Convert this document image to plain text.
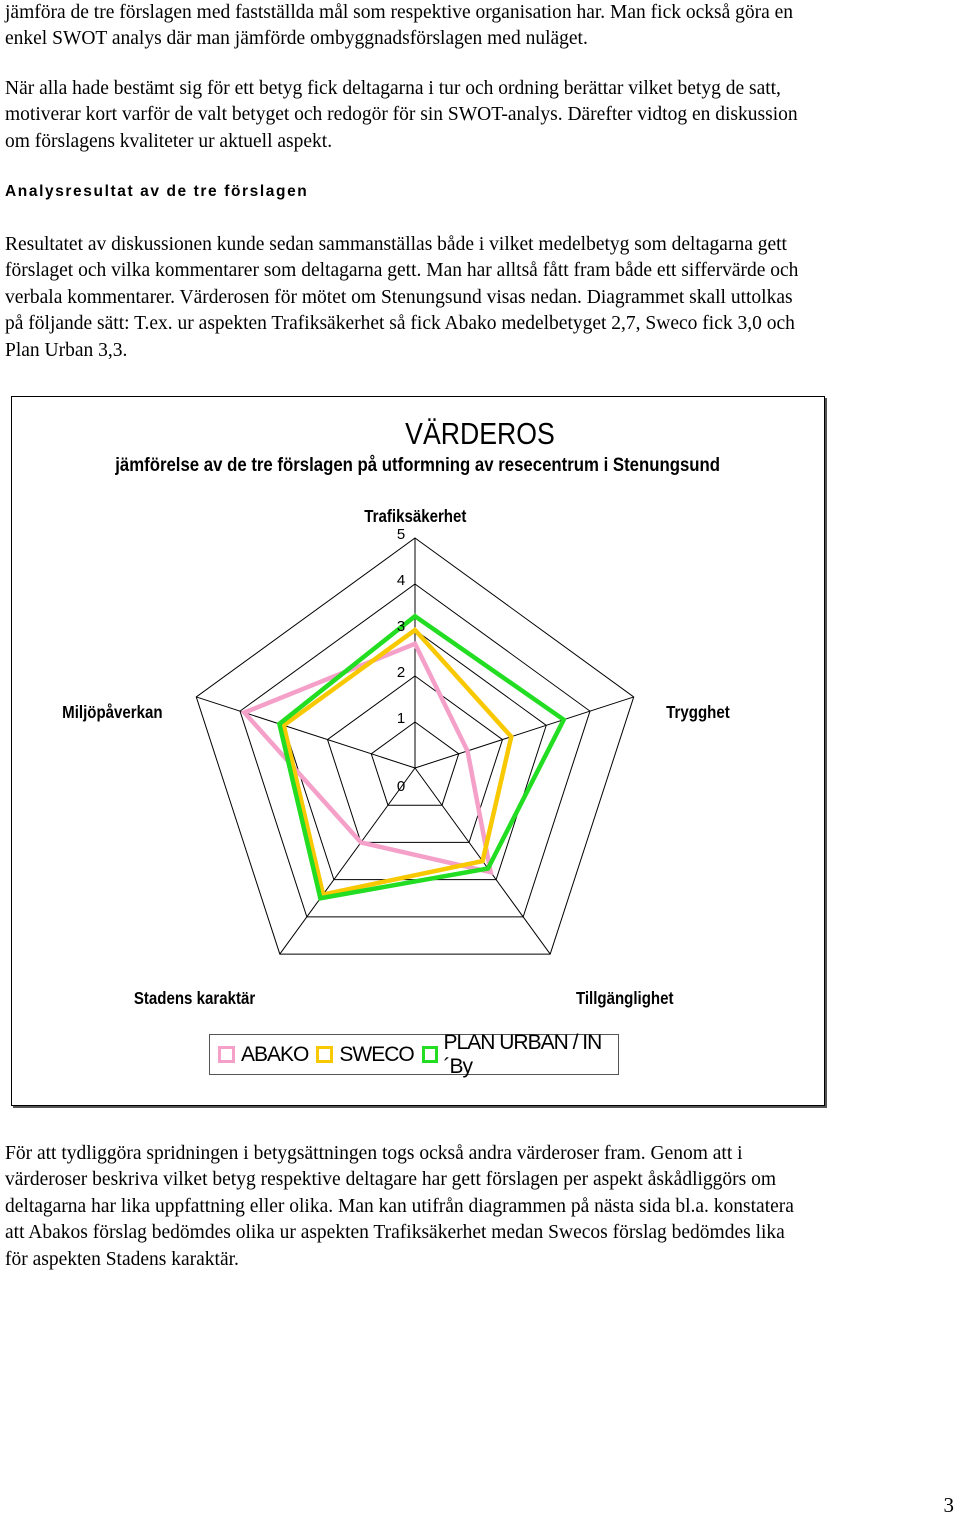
jämföra de tre förslagen med fastställda mål som respektive organisation har. Man fick också göra en
enkel SWOT analys där man jämförde ombyggnadsförslagen med nuläget.
När alla hade bestämt sig för ett betyg fick deltagarna i tur och ordning berättar vilket betyg de satt,
motiverar kort varför de valt betyget och redogör för sin SWOT-analys. Därefter vidtog en diskussion
om förslagens kvaliteter ur aktuell aspekt.
Analysresultat av de tre förslagen
Resultatet av diskussionen kunde sedan sammanställas både i vilket medelbetyg som deltagarna gett
förslaget och vilka kommentarer som deltagarna gett. Man har alltså fått fram både ett siffervärde och
verbala kommentarer. Värderosen för mötet om Stenungsund visas nedan. Diagrammet skall uttolkas
på följande sätt: T.ex. ur aspekten Trafiksäkerhet så fick Abako medelbetyget 2,7, Sweco fick 3,0 och
Plan Urban 3,3.
VÄRDEROS
jämförelse av de tre förslagen på utformning av resecentrum i Stenungsund
Trafiksäkerhet
Trygghet
Tillgänglighet
Stadens karaktär
Miljöpåverkan
0
1
2
3
4
5
ABAKO SWECO
PLAN URBAN / IN´By
För att tydliggöra spridningen i betygsättningen togs också andra värderoser fram. Genom att i
värderoser beskriva vilket betyg respektive deltagare har gett förslagen per aspekt åskådliggörs om
deltagarna har lika uppfattning eller olika. Man kan utifrån diagrammen på nästa sida bl.a. konstatera
att Abakos förslag bedömdes olika ur aspekten Trafiksäkerhet medan Swecos förslag bedömdes lika
för aspekten Stadens karaktär.
3
